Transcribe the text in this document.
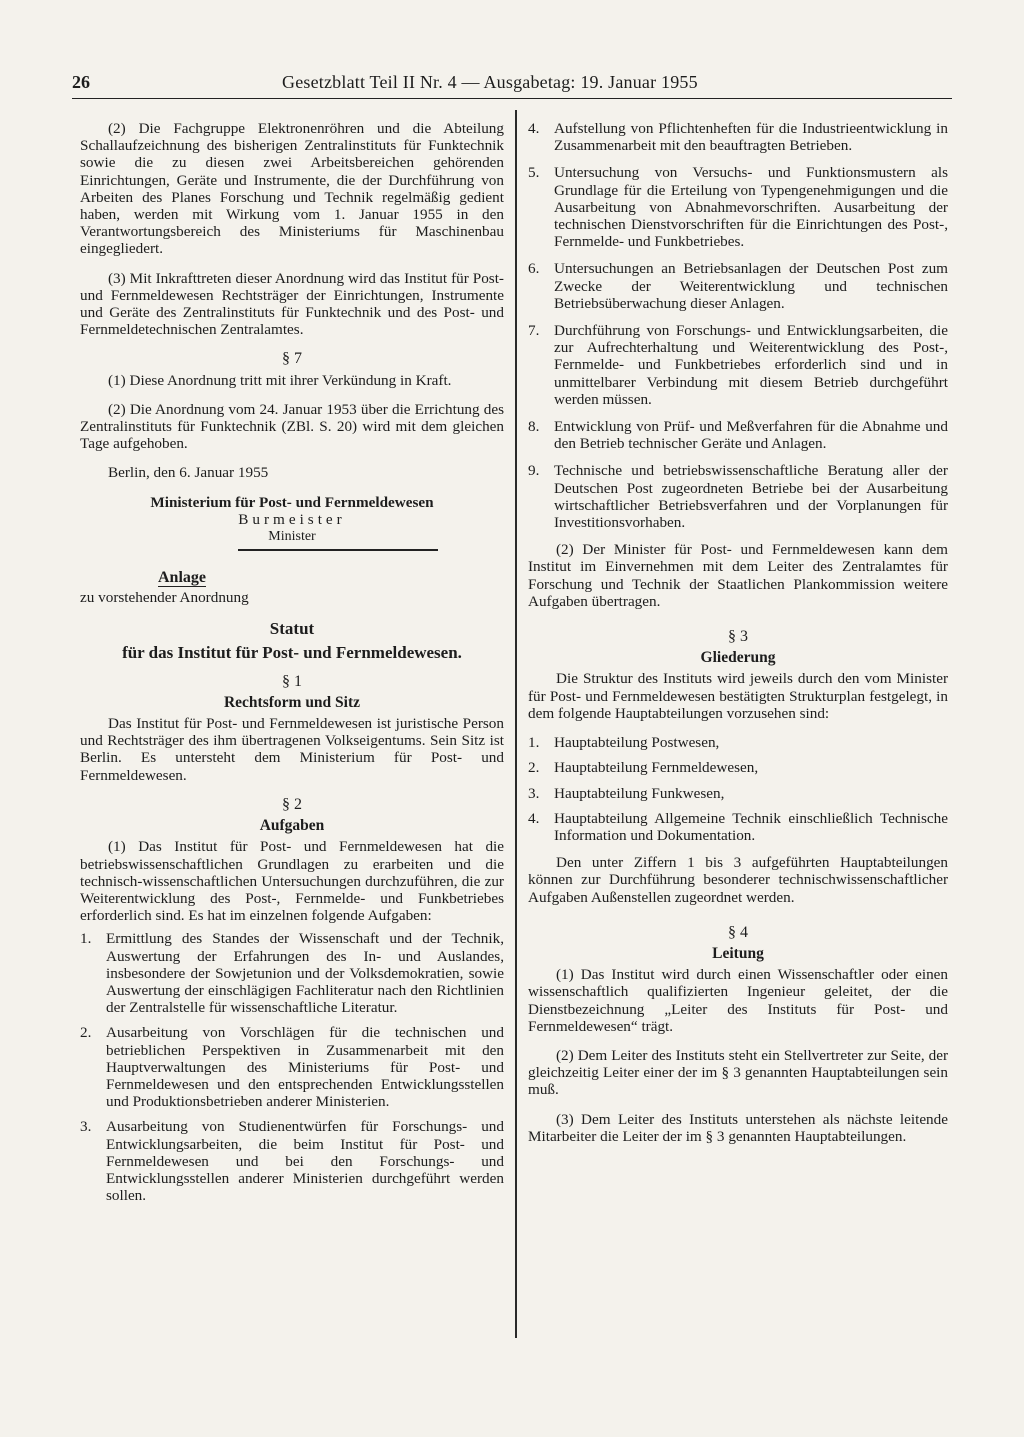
26	Gesetzblatt Teil II Nr. 4 — Ausgabetag: 19. Januar 1955

(2) Die Fachgruppe Elektronenröhren und die Abteilung Schallaufzeichnung des bisherigen Zentralinstituts für Funktechnik sowie die zu diesen zwei Arbeitsbereichen gehörenden Einrichtungen, Geräte und Instrumente, die der Durchführung von Arbeiten des Planes Forschung und Technik regelmäßig gedient haben, werden mit Wirkung vom 1. Januar 1955 in den Verantwortungsbereich des Ministeriums für Maschinenbau eingegliedert.

(3) Mit Inkrafttreten dieser Anordnung wird das Institut für Post- und Fernmeldewesen Rechtsträger der Einrichtungen, Instrumente und Geräte des Zentralinstituts für Funktechnik und des Post- und Fernmeldetechnischen Zentralamtes.

§ 7

(1) Diese Anordnung tritt mit ihrer Verkündung in Kraft.

(2) Die Anordnung vom 24. Januar 1953 über die Errichtung des Zentralinstituts für Funktechnik (ZBl. S. 20) wird mit dem gleichen Tage aufgehoben.

Berlin, den 6. Januar 1955

Ministerium für Post- und Fernmeldewesen
Burmeister
Minister
Anlage

zu vorstehender Anordnung

Statut
für das Institut für Post- und Fernmeldewesen.
§ 1
Rechtsform und Sitz

Das Institut für Post- und Fernmeldewesen ist juristische Person und Rechtsträger des ihm übertragenen Volkseigentums. Sein Sitz ist Berlin. Es untersteht dem Ministerium für Post- und Fernmeldewesen.

§ 2
Aufgaben

(1) Das Institut für Post- und Fernmeldewesen hat die betriebswissenschaftlichen Grundlagen zu erarbeiten und die technisch-wissenschaftlichen Untersuchungen durchzuführen, die zur Weiterentwicklung des Post-, Fernmelde- und Funkbetriebes erforderlich sind. Es hat im einzelnen folgende Aufgaben:

1. Ermittlung des Standes der Wissenschaft und der Technik, Auswertung der Erfahrungen des In- und Auslandes, insbesondere der Sowjetunion und der Volksdemokratien, sowie Auswertung der einschlägigen Fachliteratur nach den Richtlinien der Zentralstelle für wissenschaftliche Literatur.
2. Ausarbeitung von Vorschlägen für die technischen und betrieblichen Perspektiven in Zusammenarbeit mit den Hauptverwaltungen des Ministeriums für Post- und Fernmeldewesen und den entsprechenden Entwicklungsstellen und Produktionsbetrieben anderer Ministerien.
3. Ausarbeitung von Studienentwürfen für Forschungs- und Entwicklungsarbeiten, die beim Institut für Post- und Fernmeldewesen und bei den Forschungs- und Entwicklungsstellen anderer Ministerien durchgeführt werden sollen.
4. Aufstellung von Pflichtenheften für die Industrieentwicklung in Zusammenarbeit mit den beauftragten Betrieben.
5. Untersuchung von Versuchs- und Funktionsmustern als Grundlage für die Erteilung von Typengenehmigungen und die Ausarbeitung von Abnahmevorschriften. Ausarbeitung der technischen Dienstvorschriften für die Einrichtungen des Post-, Fernmelde- und Funkbetriebes.
6. Untersuchungen an Betriebsanlagen der Deutschen Post zum Zwecke der Weiterentwicklung und technischen Betriebsüberwachung dieser Anlagen.
7. Durchführung von Forschungs- und Entwicklungsarbeiten, die zur Aufrechterhaltung und Weiterentwicklung des Post-, Fernmelde- und Funkbetriebes erforderlich sind und in unmittelbarer Verbindung mit diesem Betrieb durchgeführt werden müssen.
8. Entwicklung von Prüf- und Meßverfahren für die Abnahme und den Betrieb technischer Geräte und Anlagen.
9. Technische und betriebswissenschaftliche Beratung aller der Deutschen Post zugeordneten Betriebe bei der Ausarbeitung wirtschaftlicher Betriebsverfahren und der Vorplanungen für Investitionsvorhaben.

(2) Der Minister für Post- und Fernmeldewesen kann dem Institut im Einvernehmen mit dem Leiter des Zentralamtes für Forschung und Technik der Staatlichen Plankommission weitere Aufgaben übertragen.

§ 3
Gliederung

Die Struktur des Instituts wird jeweils durch den vom Minister für Post- und Fernmeldewesen bestätigten Strukturplan festgelegt, in dem folgende Hauptabteilungen vorzusehen sind:

1. Hauptabteilung Postwesen,
2. Hauptabteilung Fernmeldewesen,
3. Hauptabteilung Funkwesen,
4. Hauptabteilung Allgemeine Technik einschließlich Technische Information und Dokumentation.

Den unter Ziffern 1 bis 3 aufgeführten Hauptabteilungen können zur Durchführung besonderer technischwissenschaftlicher Aufgaben Außenstellen zugeordnet werden.

§ 4
Leitung

(1) Das Institut wird durch einen Wissenschaftler oder einen wissenschaftlich qualifizierten Ingenieur geleitet, der die Dienstbezeichnung „Leiter des Instituts für Post- und Fernmeldewesen“ trägt.

(2) Dem Leiter des Instituts steht ein Stellvertreter zur Seite, der gleichzeitig Leiter einer der im § 3 genannten Hauptabteilungen sein muß.

(3) Dem Leiter des Instituts unterstehen als nächste leitende Mitarbeiter die Leiter der im § 3 genannten Hauptabteilungen.
